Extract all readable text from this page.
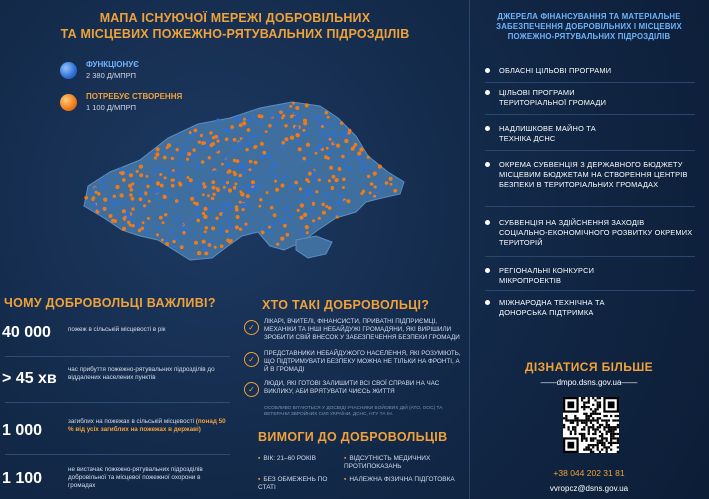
МАПА ІСНУЮЧОЇ МЕРЕЖІ ДОБРОВІЛЬНИХ
ТА МІСЦЕВИХ ПОЖЕЖНО-РЯТУВАЛЬНИХ ПІДРОЗДІЛІВ
ФУНКЦІОНУЄ
2 380 Д/МПРП
ПОТРЕБУЄ СТВОРЕННЯ
1 100 Д/МПРП
ЧОМУ ДОБРОВОЛЬЦІ ВАЖЛИВІ?
40 000	пожеж в сільській місцевості в рік
> 45 хв
час прибуття пожежно-рятувальних підрозділів до віддалених населених пунктів
1 000
загиблих на пожежах в сільській місцевості (понад 50 % від усіх загиблих на пожежах в державі)
1 100
не вистачає пожежно-рятувальних підрозділів добровільної та місцевої пожежної охорони в громадах
ХТО ТАКІ ДОБРОВОЛЬЦІ?
✓
ЛІКАРІ, ВЧИТЕЛІ, ФІНАНСИСТИ, ПРИВАТНІ ПІДПРИЄМЦІ, МЕХАНІКИ ТА ІНШІ НЕБАЙДУЖІ ГРОМАДЯНИ, ЯКІ ВИРІШИЛИ ЗРОБИТИ СВІЙ ВНЕСОК У ЗАБЕЗПЕЧЕННЯ БЕЗПЕКИ ГРОМАДИ
✓
ПРЕДСТАВНИКИ НЕБАЙДУЖОГО НАСЕЛЕННЯ, ЯКІ РОЗУМІЮТЬ, ЩО ПІДТРИМУВАТИ БЕЗПЕКУ МОЖНА НЕ ТІЛЬКИ НА ФРОНТІ, А Й В ГРОМАДІ
✓
ЛЮДИ, ЯКІ ГОТОВІ ЗАЛИШИТИ ВСІ СВОЇ СПРАВИ НА ЧАС ВИКЛИКУ, АБИ ВРЯТУВАТИ ЧИЄСЬ ЖИТТЯ
ОСОБЛИВО ВІТАЮТЬСЯ У ДОСВІДІ УЧАСНИКИ БОЙОВИХ ДІЙ (АТО, ООС) ТА ВЕТЕРАНИ ЗБРОЙНИХ СИЛ УКРАЇНИ, ДСНС, НГУ ТА ІН.
ВИМОГИ ДО ДОБРОВОЛЬЦІВ
▪ ВІК: 21–60 РОКІВ	▪ ВІДСУТНІСТЬ МЕДИЧНИХ ПРОТИПОКАЗАНЬ
▪ БЕЗ ОБМЕЖЕНЬ ПО СТАТІ
▪ НАЛЕЖНА ФІЗИЧНА ПІДГОТОВКА
ДЖЕРЕЛА ФІНАНСУВАННЯ ТА МАТЕРІАЛЬНЕ ЗАБЕЗПЕЧЕННЯ ДОБРОВІЛЬНИХ І МІСЦЕВИХ ПОЖЕЖНО-РЯТУВАЛЬНИХ ПІДРОЗДІЛІВ
ОБЛАСНІ ЦІЛЬОВІ ПРОГРАМИ
ЦІЛЬОВІ ПРОГРАМИ ТЕРИТОРІАЛЬНОЇ ГРОМАДИ
НАДЛИШКОВЕ МАЙНО ТА ТЕХНІКА ДСНС
ОКРЕМА СУБВЕНЦІЯ З ДЕРЖАВНОГО БЮДЖЕТУ МІСЦЕВИМ БЮДЖЕТАМ НА СТВОРЕННЯ ЦЕНТРІВ БЕЗПЕКИ В ТЕРИТОРІАЛЬНИХ ГРОМАДАХ
СУБВЕНЦІЯ НА ЗДІЙСНЕННЯ ЗАХОДІВ СОЦІАЛЬНО-ЕКОНОМІЧНОГО РОЗВИТКУ ОКРЕМИХ ТЕРИТОРІЙ
РЕГІОНАЛЬНІ КОНКУРСИ МІКРОПРОЕКТІВ
МІЖНАРОДНА ТЕХНІЧНА ТА ДОНОРСЬКА ПІДТРИМКА
ДІЗНАТИСЯ БІЛЬШЕ
——dmpo.dsns.gov.ua——
+38 044 202 31 81
vvropcz@dsns.gov.ua
